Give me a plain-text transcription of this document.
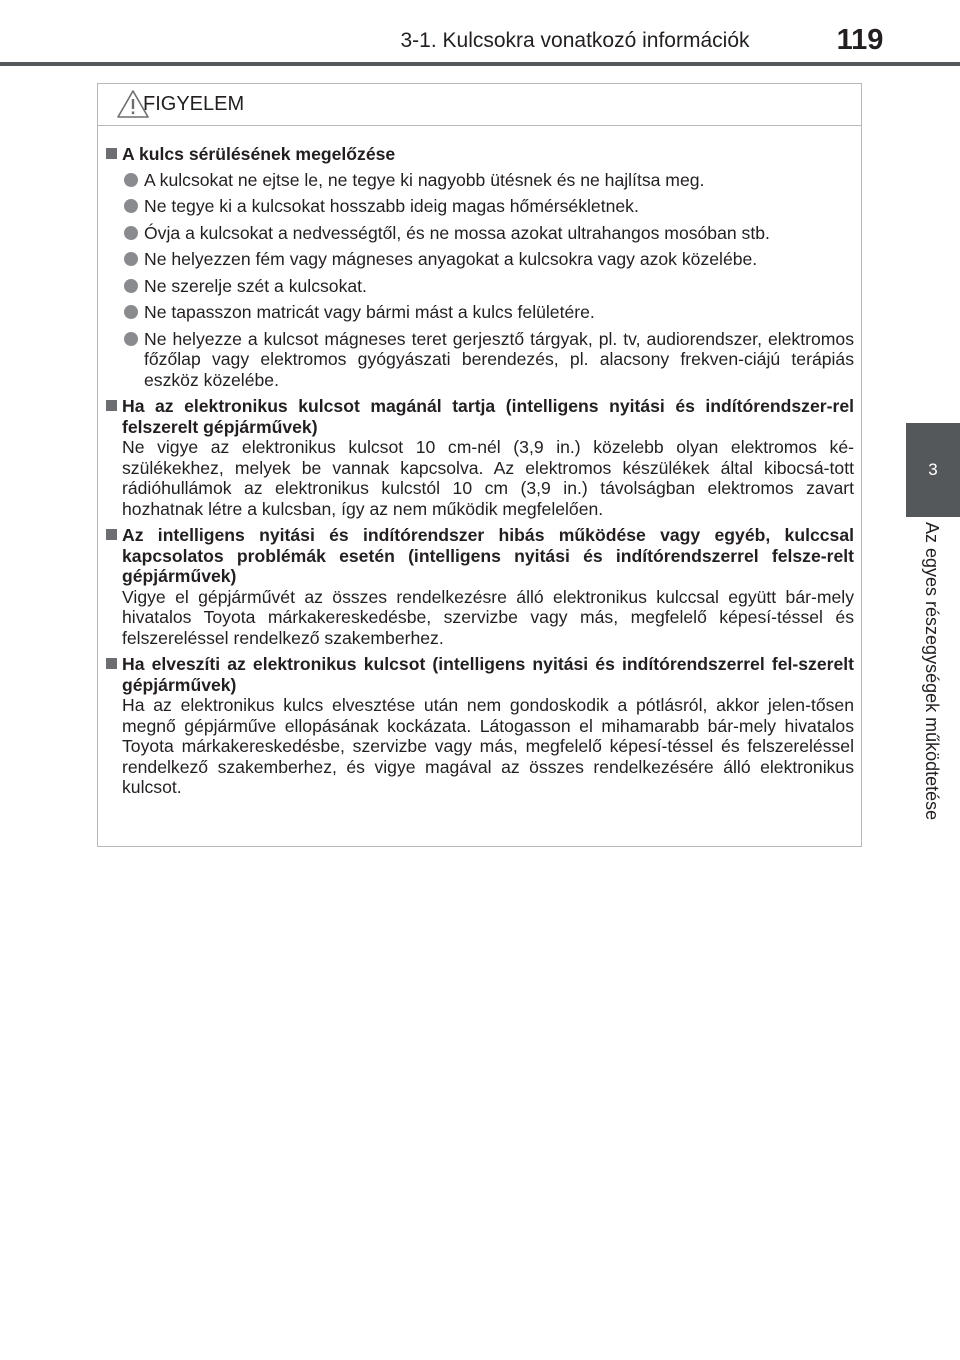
3-1. Kulcsokra vonatkozó információk	119
3
Az egyes részegységek működtetése
FIGYELEM
A kulcs sérülésének megelőzése
A kulcsokat ne ejtse le, ne tegye ki nagyobb ütésnek és ne hajlítsa meg.
Ne tegye ki a kulcsokat hosszabb ideig magas hőmérsékletnek.
Óvja a kulcsokat a nedvességtől, és ne mossa azokat ultrahangos mosóban stb.
Ne helyezzen fém vagy mágneses anyagokat a kulcsokra vagy azok közelébe.
Ne szerelje szét a kulcsokat.
Ne tapasszon matricát vagy bármi mást a kulcs felületére.
Ne helyezze a kulcsot mágneses teret gerjesztő tárgyak, pl. tv, audiorendszer, elektromos főzőlap vagy elektromos gyógyászati berendezés, pl. alacsony frekven-ciájú terápiás eszköz közelébe.
Ha az elektronikus kulcsot magánál tartja (intelligens nyitási és indítórendszer-rel felszerelt gépjárművek)
Ne vigye az elektronikus kulcsot 10 cm-nél (3,9 in.) közelebb olyan elektromos ké-szülékekhez, melyek be vannak kapcsolva. Az elektromos készülékek által kibocsá-tott rádióhullámok az elektronikus kulcstól 10 cm (3,9 in.) távolságban elektromos zavart hozhatnak létre a kulcsban, így az nem működik megfelelően.
Az intelligens nyitási és indítórendszer hibás működése vagy egyéb, kulccsal kapcsolatos problémák esetén (intelligens nyitási és indítórendszerrel felsze-relt gépjárművek)
Vigye el gépjárművét az összes rendelkezésre álló elektronikus kulccsal együtt bár-mely hivatalos Toyota márkakereskedésbe, szervizbe vagy más, megfelelő képesí-téssel és felszereléssel rendelkező szakemberhez.
Ha elveszíti az elektronikus kulcsot (intelligens nyitási és indítórendszerrel fel-szerelt gépjárművek)
Ha az elektronikus kulcs elvesztése után nem gondoskodik a pótlásról, akkor jelen-tősen megnő gépjárműve ellopásának kockázata. Látogasson el mihamarabb bár-mely hivatalos Toyota márkakereskedésbe, szervizbe vagy más, megfelelő képesí-téssel és felszereléssel rendelkező szakemberhez, és vigye magával az összes rendelkezésére álló elektronikus kulcsot.
